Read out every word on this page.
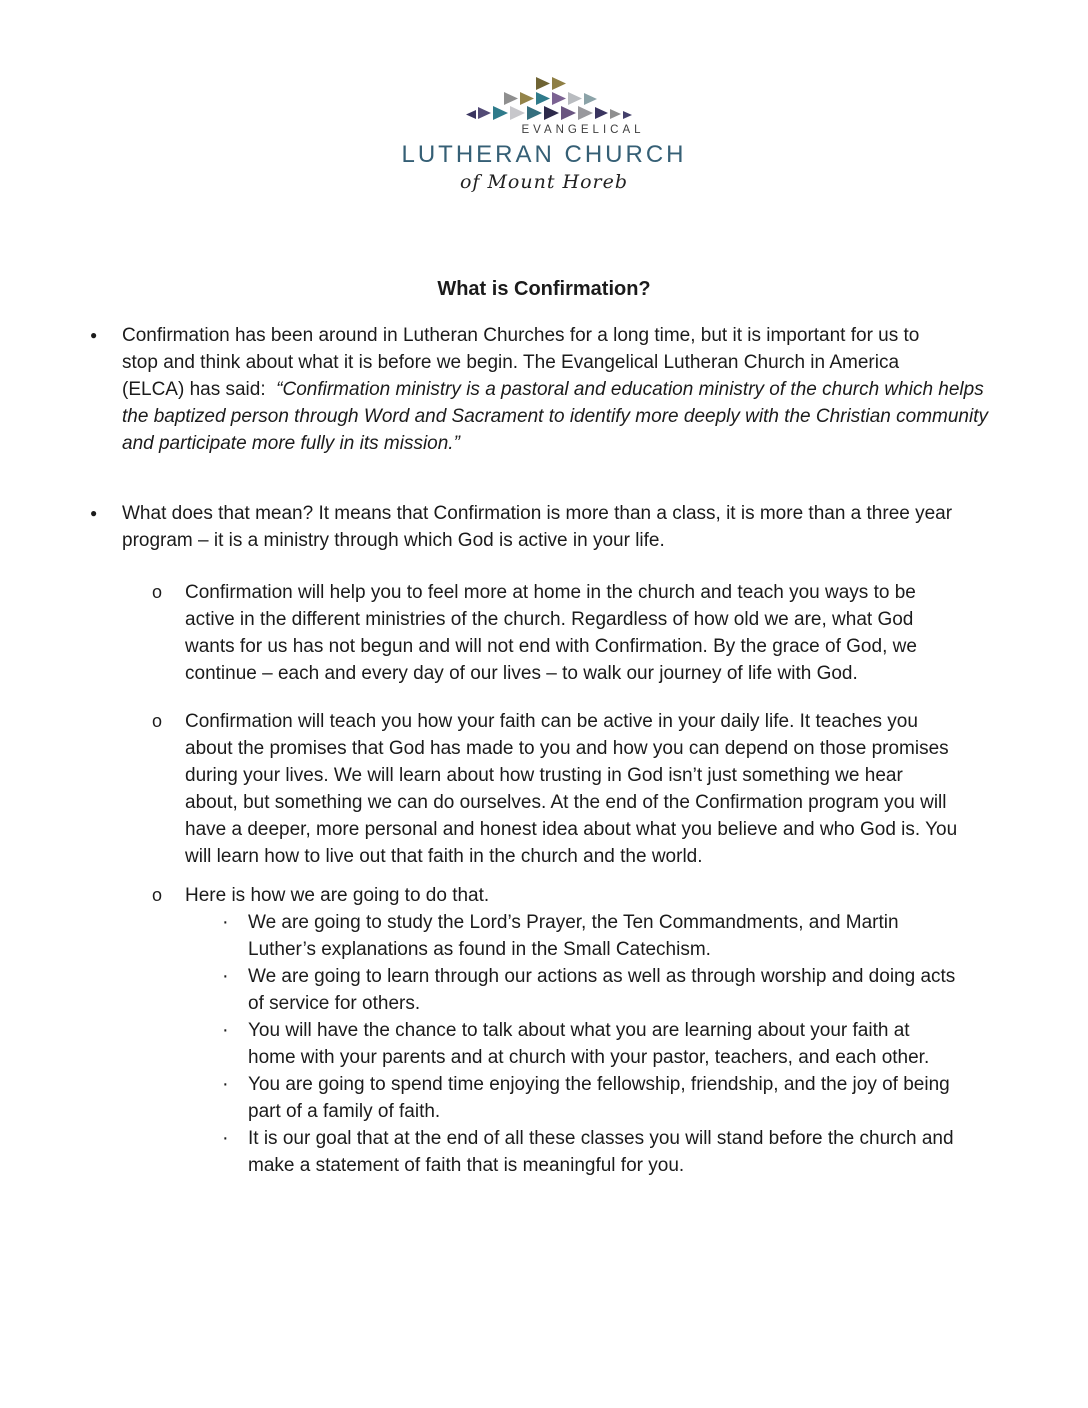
EVANGELICAL
LUTHERAN CHURCH
of Mount Horeb
What is Confirmation?
●	Confirmation has been around in Lutheran Churches for a long time, but it is important for us to
stop and think about what it is before we begin. The Evangelical Lutheran Church in America
(ELCA) has said:  “Confirmation ministry is a pastoral and education ministry of the church which helps
the baptized person through Word and Sacrament to identify more deeply with the Christian community
and participate more fully in its mission.”
●	What does that mean? It means that Confirmation is more than a class, it is more than a three year
program – it is a ministry through which God is active in your life.
o	Confirmation will help you to feel more at home in the church and teach you ways to be
active in the different ministries of the church. Regardless of how old we are, what God
wants for us has not begun and will not end with Confirmation. By the grace of God, we
continue – each and every day of our lives – to walk our journey of life with God.
o	Confirmation will teach you how your faith can be active in your daily life. It teaches you
about the promises that God has made to you and how you can depend on those promises
during your lives. We will learn about how trusting in God isn’t just something we hear
about, but something we can do ourselves. At the end of the Confirmation program you will
have a deeper, more personal and honest idea about what you believe and who God is. You
will learn how to live out that faith in the church and the world.
o	Here is how we are going to do that.
·	We are going to study the Lord’s Prayer, the Ten Commandments, and Martin
Luther’s explanations as found in the Small Catechism.
·	We are going to learn through our actions as well as through worship and doing acts
of service for others.
·	You will have the chance to talk about what you are learning about your faith at
home with your parents and at church with your pastor, teachers, and each other.
·	You are going to spend time enjoying the fellowship, friendship, and the joy of being
part of a family of faith.
·	It is our goal that at the end of all these classes you will stand before the church and
make a statement of faith that is meaningful for you.
